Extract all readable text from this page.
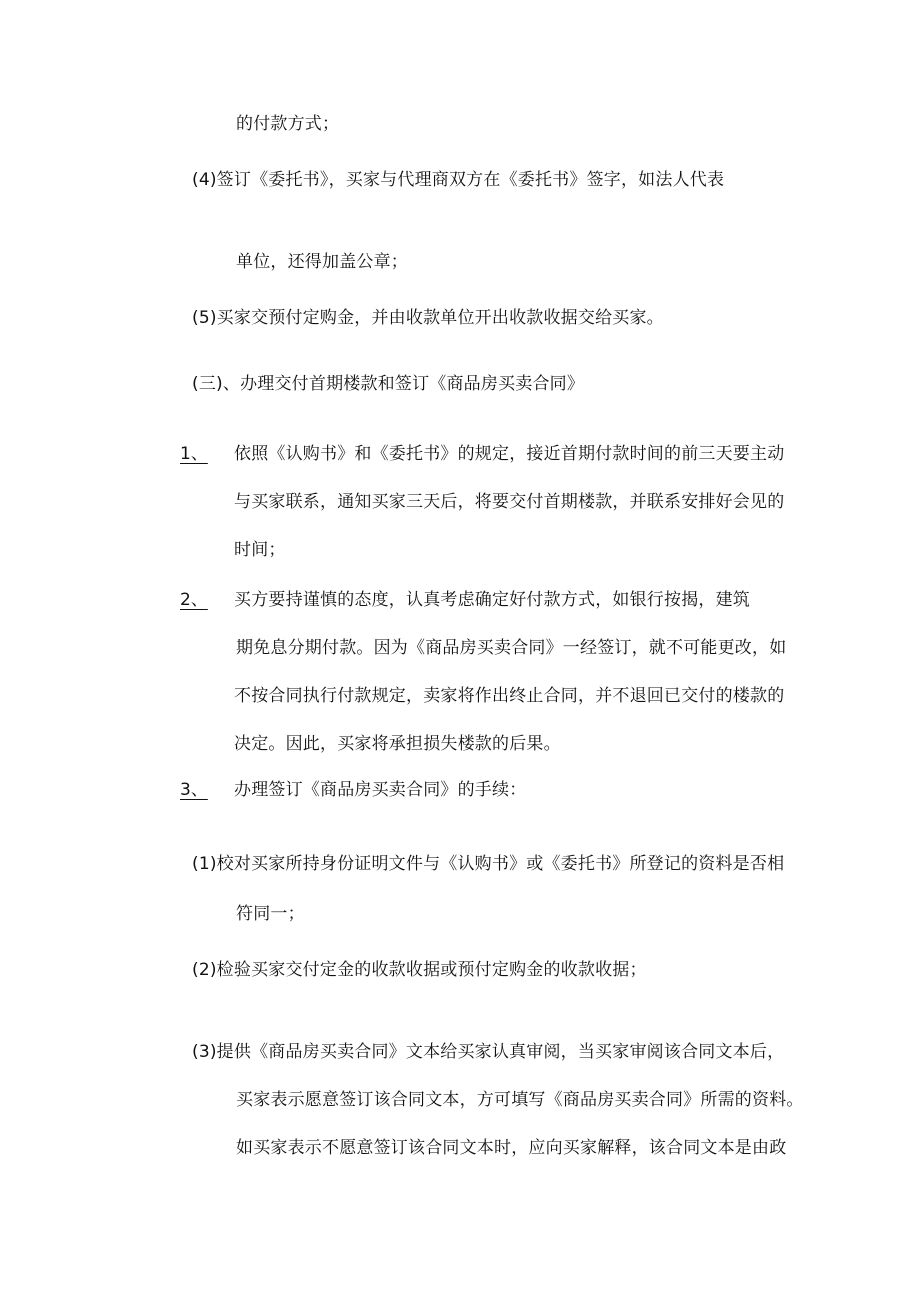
的付款方式；
(4)签订《委托书》，买家与代理商双方在《委托书》签字，如法人代表
单位，还得加盖公章；
(5)买家交预付定购金，并由收款单位开出收款收据交给买家。
(三)、办理交付首期楼款和签订《商品房买卖合同》
1、 依照《认购书》和《委托书》的规定，接近首期付款时间的前三天要主动
与买家联系，通知买家三天后，将要交付首期楼款，并联系安排好会见的
时间；
2、 买方要持谨慎的态度，认真考虑确定好付款方式，如银行按揭，建筑
期免息分期付款。因为《商品房买卖合同》一经签订，就不可能更改，如
不按合同执行付款规定，卖家将作出终止合同，并不退回已交付的楼款的
决定。因此，买家将承担损失楼款的后果。
3、 办理签订《商品房买卖合同》的手续：
(1)校对买家所持身份证明文件与《认购书》或《委托书》所登记的资料是否相
符同一；
(2)检验买家交付定金的收款收据或预付定购金的收款收据；
(3)提供《商品房买卖合同》文本给买家认真审阅，当买家审阅该合同文本后，
买家表示愿意签订该合同文本，方可填写《商品房买卖合同》所需的资料。
如买家表示不愿意签订该合同文本时，应向买家解释，该合同文本是由政
